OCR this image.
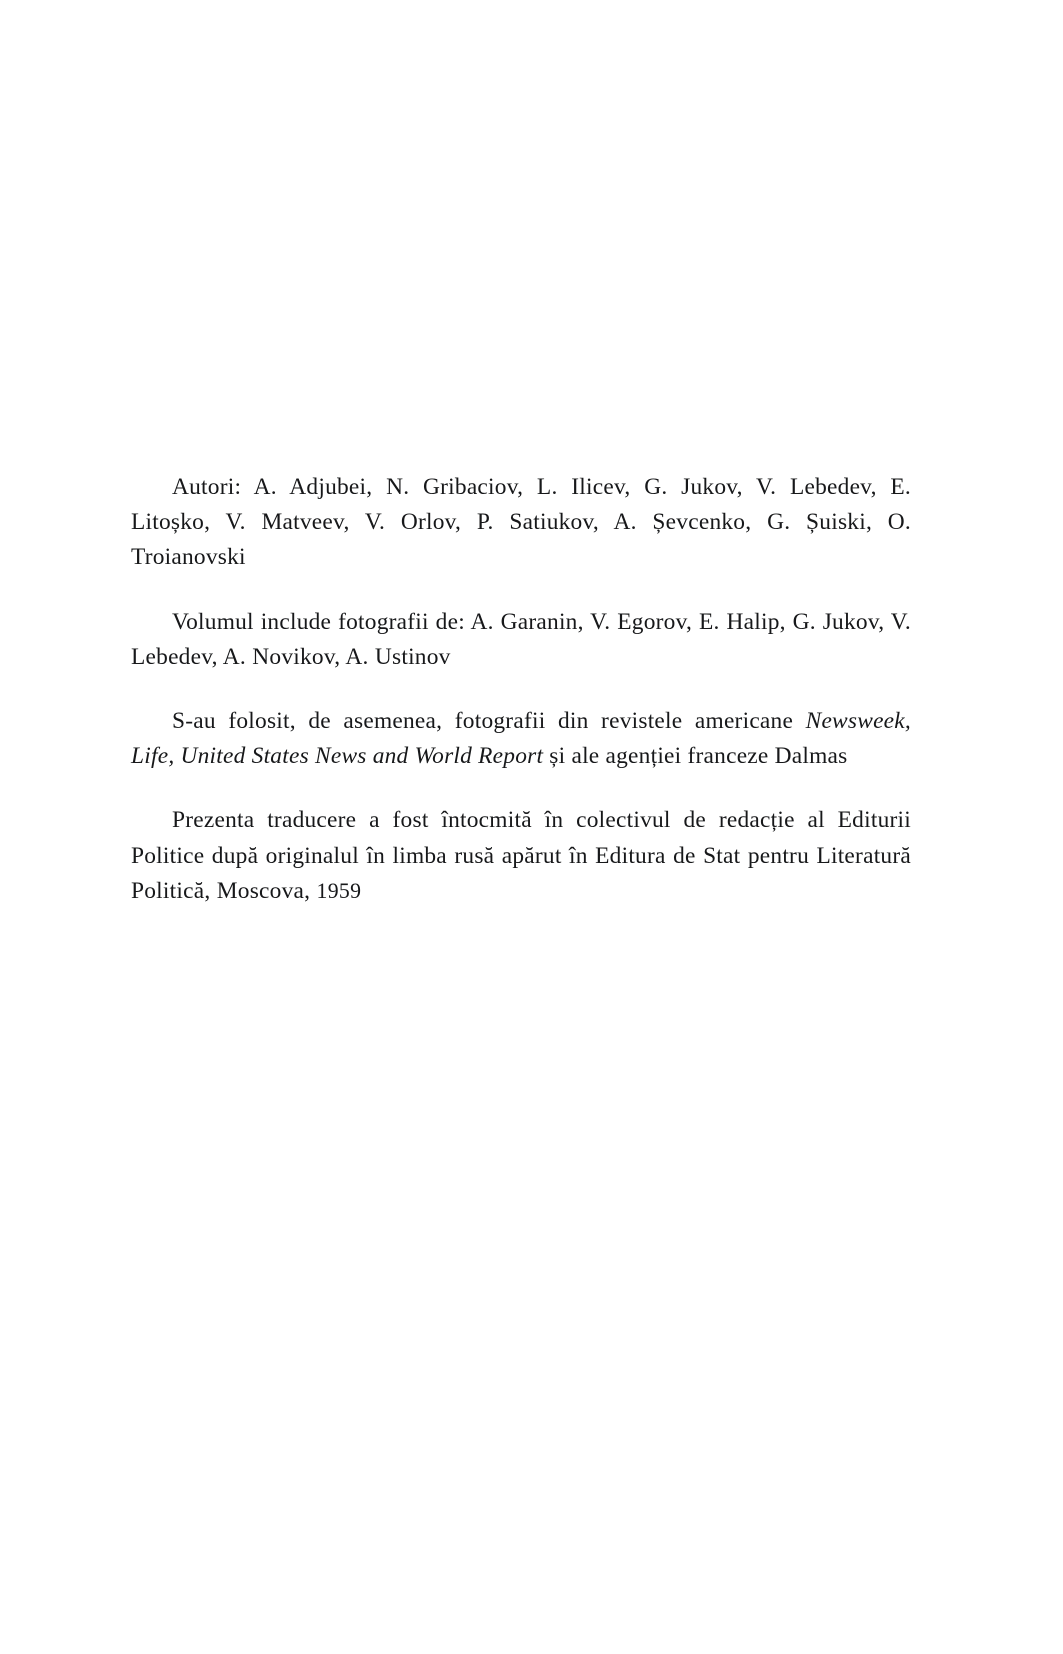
Autori: A. Adjubei, N. Gribaciov, L. Ilicev, G. Jukov, V. Lebedev, E. Litoșko, V. Matveev, V. Orlov, P. Satiukov, A. Șevcenko, G. Șuiski, O. Troianovski

Volumul include fotografii de: A. Garanin, V. Egorov, E. Halip, G. Jukov, V. Lebedev, A. Novikov, A. Ustinov

S-au folosit, de asemenea, fotografii din revistele americane Newsweek, Life, United States News and World Report și ale agenției franceze Dalmas

Prezenta traducere a fost întocmită în colectivul de redacție al Editurii Politice după originalul în limba rusă apărut în Editura de Stat pentru Literatură Politică, Moscova, 1959
